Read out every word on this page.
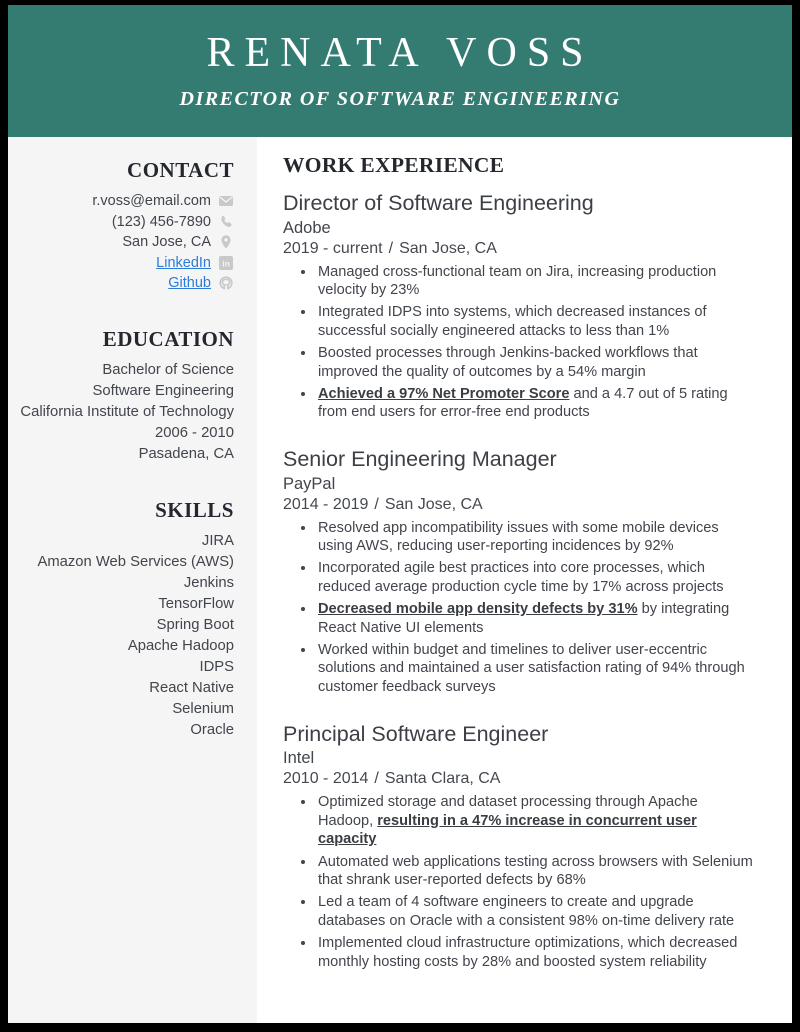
RENATA VOSS
DIRECTOR OF SOFTWARE ENGINEERING
CONTACT
r.voss@email.com
(123) 456-7890
San Jose, CA
LinkedIn in
Github
EDUCATION
Bachelor of Science
Software Engineering
California Institute of Technology
2006 - 2010
Pasadena, CA
SKILLS
JIRA
Amazon Web Services (AWS)
Jenkins
TensorFlow
Spring Boot
Apache Hadoop
IDPS
React Native
Selenium
Oracle
WORK EXPERIENCE
Director of Software Engineering
Adobe
2019 - current / San Jose, CA
• Managed cross-functional team on Jira, increasing production velocity by 23%
• Integrated IDPS into systems, which decreased instances of successful socially engineered attacks to less than 1%
• Boosted processes through Jenkins-backed workflows that improved the quality of outcomes by a 54% margin
• Achieved a 97% Net Promoter Score and a 4.7 out of 5 rating from end users for error-free end products
Senior Engineering Manager
PayPal
2014 - 2019 / San Jose, CA
• Resolved app incompatibility issues with some mobile devices using AWS, reducing user-reporting incidences by 92%
• Incorporated agile best practices into core processes, which reduced average production cycle time by 17% across projects
• Decreased mobile app density defects by 31% by integrating React Native UI elements
• Worked within budget and timelines to deliver user-eccentric solutions and maintained a user satisfaction rating of 94% through customer feedback surveys
Principal Software Engineer
Intel
2010 - 2014 / Santa Clara, CA
• Optimized storage and dataset processing through Apache Hadoop, resulting in a 47% increase in concurrent user capacity
• Automated web applications testing across browsers with Selenium that shrank user-reported defects by 68%
• Led a team of 4 software engineers to create and upgrade databases on Oracle with a consistent 98% on-time delivery rate
• Implemented cloud infrastructure optimizations, which decreased monthly hosting costs by 28% and boosted system reliability
